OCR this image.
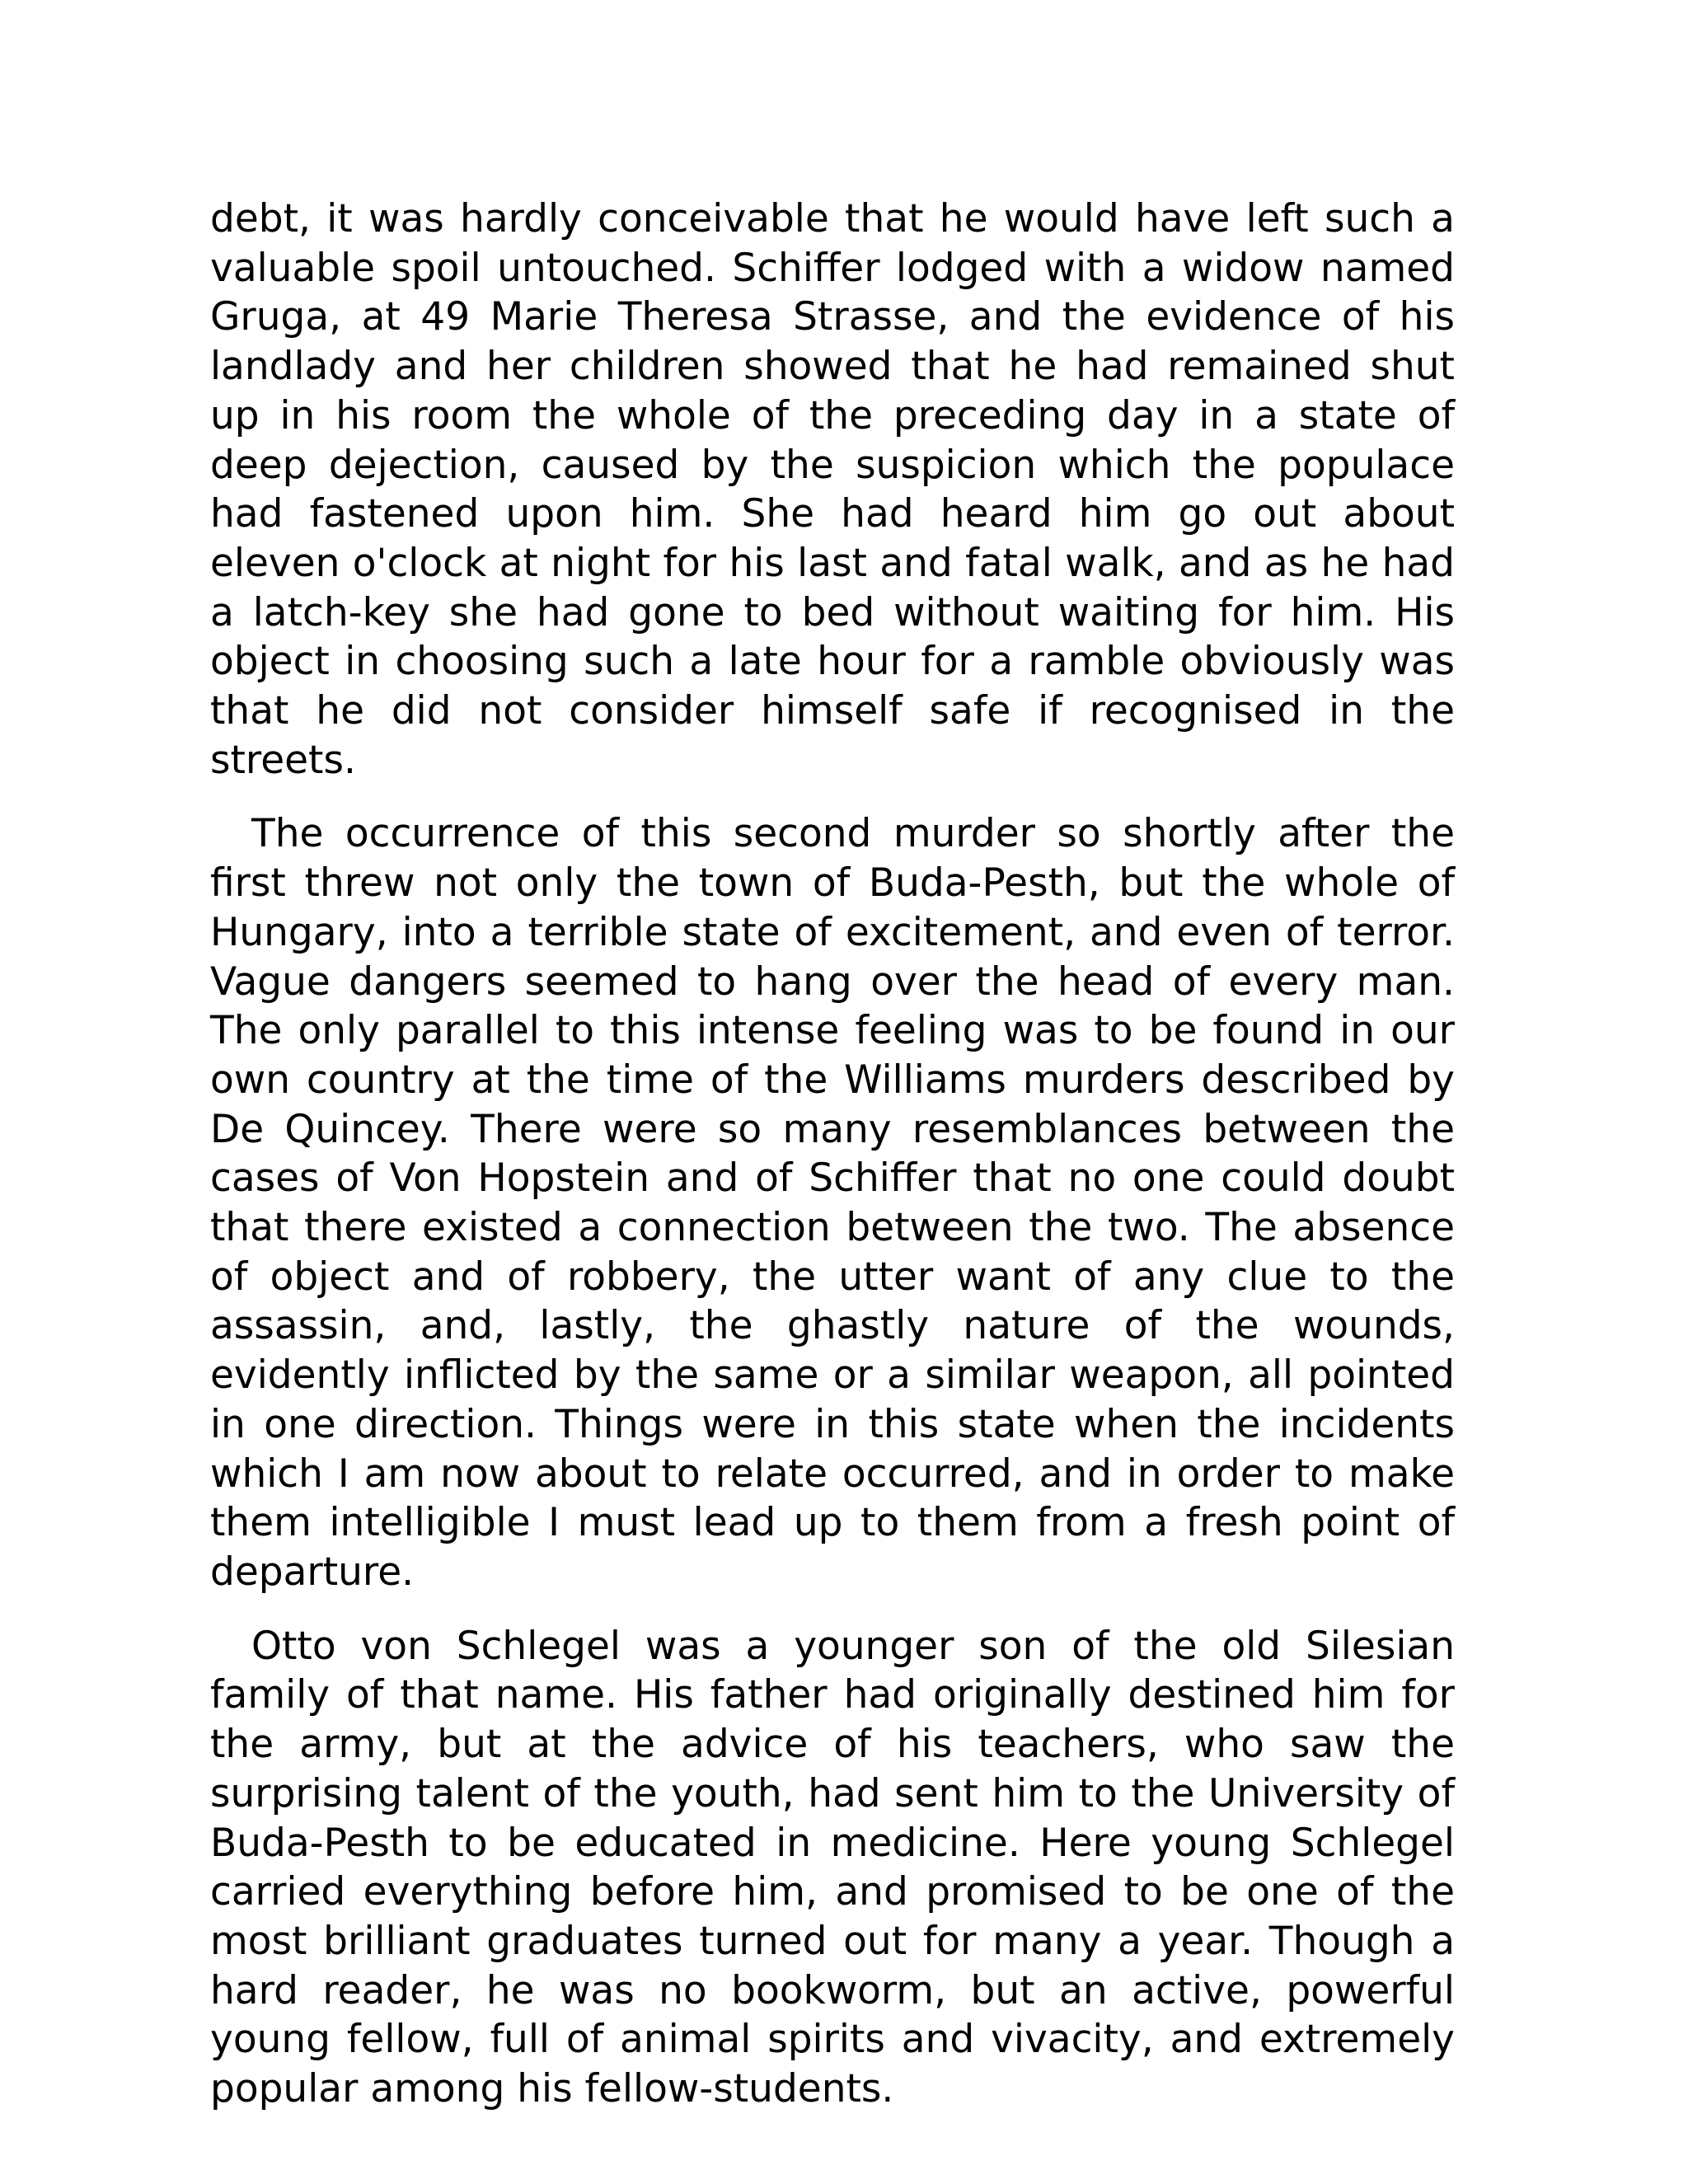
debt, it was hardly conceivable that he would have left such a valuable spoil untouched. Schiffer lodged with a widow named Gruga, at 49 Marie Theresa Strasse, and the evidence of his landlady and her children showed that he had remained shut up in his room the whole of the preceding day in a state of deep dejection, caused by the suspicion which the populace had fastened upon him. She had heard him go out about eleven o'clock at night for his last and fatal walk, and as he had a latch-key she had gone to bed without waiting for him. His object in choosing such a late hour for a ramble obviously was that he did not consider himself safe if recognised in the streets.

The occurrence of this second murder so shortly after the first threw not only the town of Buda-Pesth, but the whole of Hungary, into a terrible state of excitement, and even of terror. Vague dangers seemed to hang over the head of every man. The only parallel to this intense feeling was to be found in our own country at the time of the Williams murders described by De Quincey. There were so many resemblances between the cases of Von Hopstein and of Schiffer that no one could doubt that there existed a connection between the two. The absence of object and of robbery, the utter want of any clue to the assassin, and, lastly, the ghastly nature of the wounds, evidently inflicted by the same or a similar weapon, all pointed in one direction. Things were in this state when the incidents which I am now about to relate occurred, and in order to make them intelligible I must lead up to them from a fresh point of departure.

Otto von Schlegel was a younger son of the old Silesian family of that name. His father had originally destined him for the army, but at the advice of his teachers, who saw the surprising talent of the youth, had sent him to the University of Buda-Pesth to be educated in medicine. Here young Schlegel carried everything before him, and promised to be one of the most brilliant graduates turned out for many a year. Though a hard reader, he was no bookworm, but an active, powerful young fellow, full of animal spirits and vivacity, and extremely popular among his fellow-students.
